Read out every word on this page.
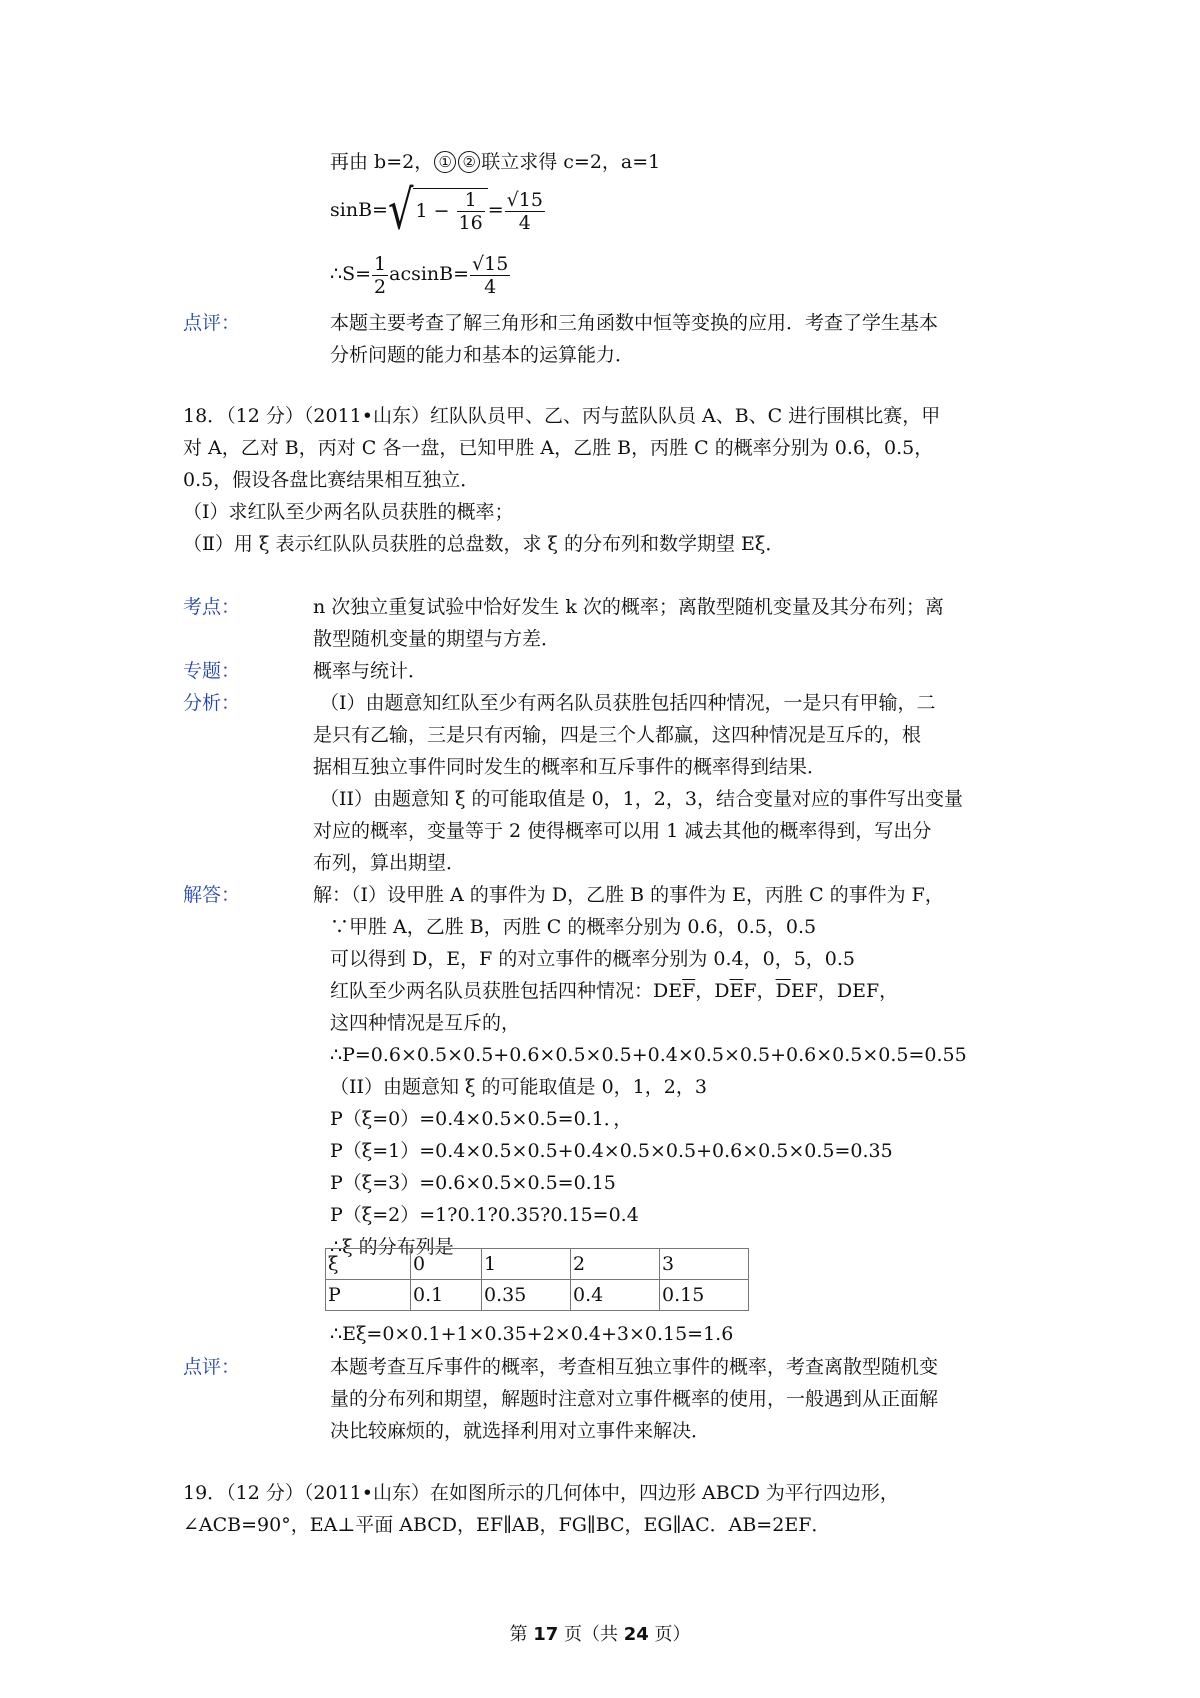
再由 b=2， ① ② 联立求得 c=2，a=1
sinB=√ $1 - \frac{1}{16} = \frac{√15}{4}$
∴S= $\frac{1}{2} acsinB= \frac{√15}{4}$
点评：	本题主要考查了解三角形和三角函数中恒等变换的应用．考查了学生基本
分析问题的能力和基本的运算能力．
18．（12 分）（2011•山东）红队队员甲、乙、丙与蓝队队员 A、B、C 进行围棋比赛，甲
对 A，乙对 B，丙对 C 各一盘，已知甲胜 A，乙胜 B，丙胜 C 的概率分别为 0.6，0.5，
0.5，假设各盘比赛结果相互独立．
（Ⅰ）求红队至少两名队员获胜的概率；
（Ⅱ）用 ξ 表示红队队员获胜的总盘数，求 ξ 的分布列和数学期望 Eξ．
考点：	n 次独立重复试验中恰好发生 k 次的概率；离散型随机变量及其分布列；离
散型随机变量的期望与方差．
专题：	概率与统计．
分析：	（I）由题意知红队至少有两名队员获胜包括四种情况，一是只有甲输，二
是只有乙输，三是只有丙输，四是三个人都赢，这四种情况是互斥的，根
据相互独立事件同时发生的概率和互斥事件的概率得到结果．
（II）由题意知 ξ 的可能取值是 0，1，2，3，结合变量对应的事件写出变量
对应的概率，变量等于 2 使得概率可以用 1 减去其他的概率得到，写出分
布列，算出期望．
解答：	解：（I）设甲胜 A 的事件为 D，乙胜 B 的事件为 E，丙胜 C 的事件为 F，
∵甲胜 A，乙胜 B，丙胜 C 的概率分别为 0.6，0.5，0.5
可以得到 D，E，F 的对立事件的概率分别为 0.4，0，5，0.5
红队至少两名队员获胜包括四种情况：$DE\overline{F}$，$D\overline{E}F$，$\overline{D}EF$，DEF，
这四种情况是互斥的，
∴P=0.6×0.5×0.5+0.6×0.5×0.5+0.4×0.5×0.5+0.6×0.5×0.5=0.55
（II）由题意知 ξ 的可能取值是 0，1，2，3
P（ξ=0）=0.4×0.5×0.5=0.1．，
P（ξ=1）=0.4×0.5×0.5+0.4×0.5×0.5+0.6×0.5×0.5=0.35
P（ξ=3）=0.6×0.5×0.5=0.15
P（ξ=2）=1?0.1?0.35?0.15=0.4
∴ξ 的分布列是
ξ	0	1	2	3
P	0.1	0.35	0.4	0.15
∴Eξ=0×0.1+1×0.35+2×0.4+3×0.15=1.6
点评：	本题考查互斥事件的概率，考查相互独立事件的概率，考查离散型随机变
量的分布列和期望，解题时注意对立事件概率的使用，一般遇到从正面解
决比较麻烦的，就选择利用对立事件来解决．
19．（12 分）（2011•山东）在如图所示的几何体中，四边形 ABCD 为平行四边形，
∠ACB=90°，EA⊥平面 ABCD，EF∥AB，FG∥BC，EG∥AC．AB=2EF．
第 17 页（共 24 页）
